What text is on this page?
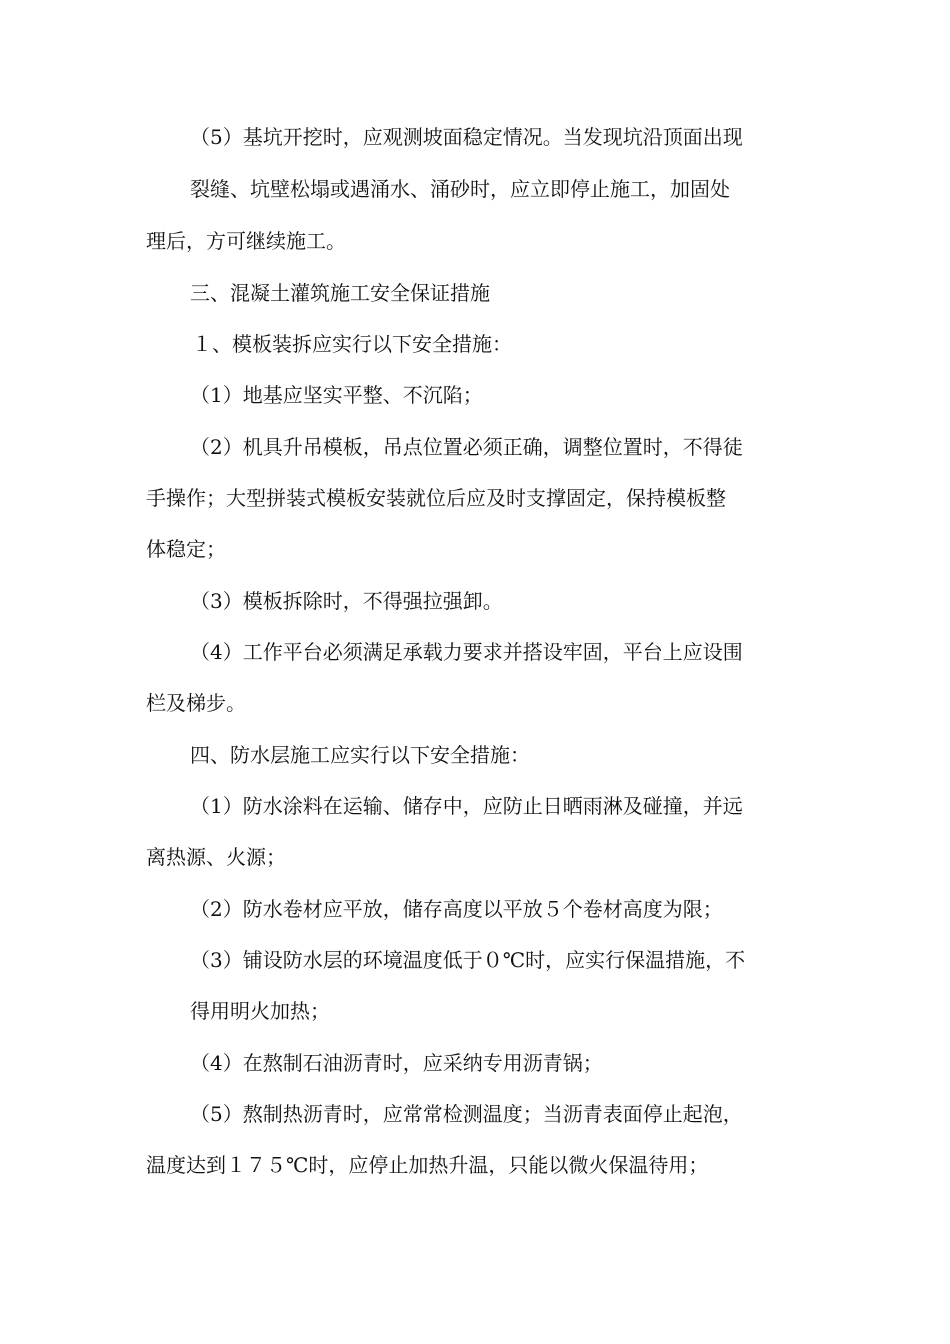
（5）基坑开挖时，应观测坡面稳定情况。当发现坑沿顶面出现
裂缝、坑壁松塌或遇涌水、涌砂时，应立即停止施工，加固处
理后，方可继续施工。
三、混凝土灌筑施工安全保证措施
１、模板装拆应实行以下安全措施：
（1）地基应坚实平整、不沉陷；
（2）机具升吊模板，吊点位置必须正确，调整位置时，不得徒
手操作；大型拼装式模板安装就位后应及时支撑固定，保持模板整
体稳定；
（3）模板拆除时，不得强拉强卸。
（4）工作平台必须满足承载力要求并搭设牢固，平台上应设围
栏及梯步。
四、防水层施工应实行以下安全措施：
（1）防水涂料在运输、储存中，应防止日晒雨淋及碰撞，并远
离热源、火源；
（2）防水卷材应平放，储存高度以平放５个卷材高度为限；
（3）铺设防水层的环境温度低于０℃时，应实行保温措施，不
得用明火加热；
（4）在熬制石油沥青时，应采纳专用沥青锅；
（5）熬制热沥青时，应常常检测温度；当沥青表面停止起泡，
温度达到１７５℃时，应停止加热升温，只能以微火保温待用；
